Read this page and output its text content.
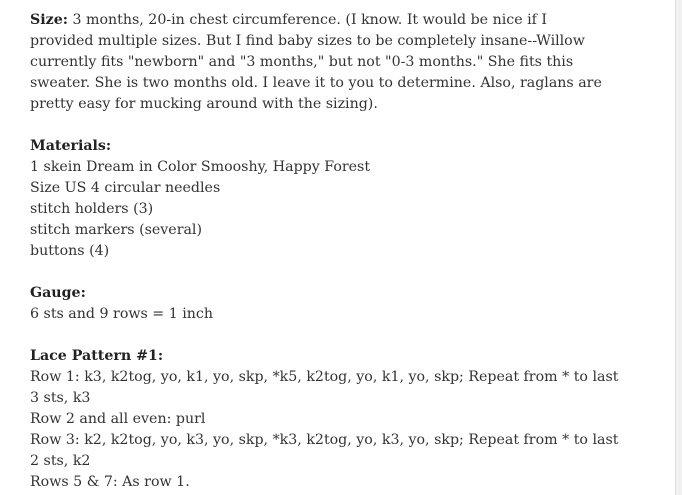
Size: 3 months, 20-in chest circumference. (I know. It would be nice if I
provided multiple sizes. But I find baby sizes to be completely insane--Willow
currently fits "newborn" and "3 months," but not "0-3 months." She fits this
sweater. She is two months old. I leave it to you to determine. Also, raglans are
pretty easy for mucking around with the sizing).
Materials:
1 skein Dream in Color Smooshy, Happy Forest
Size US 4 circular needles
stitch holders (3)
stitch markers (several)
buttons (4)
Gauge:
6 sts and 9 rows = 1 inch
Lace Pattern #1:
Row 1: k3, k2tog, yo, k1, yo, skp, *k5, k2tog, yo, k1, yo, skp; Repeat from * to last
3 sts, k3
Row 2 and all even: purl
Row 3: k2, k2tog, yo, k3, yo, skp, *k3, k2tog, yo, k3, yo, skp; Repeat from * to last
2 sts, k2
Rows 5 & 7: As row 1.
